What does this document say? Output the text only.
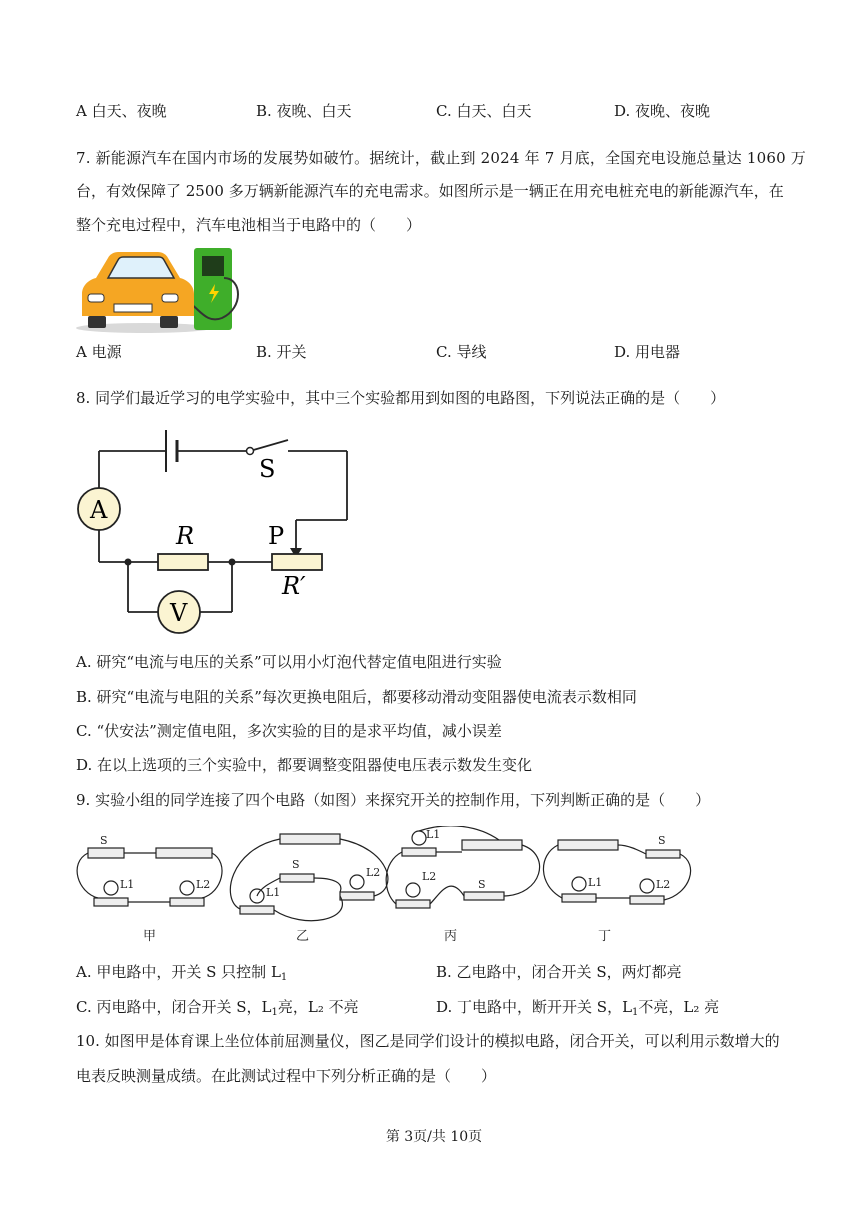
A 白天、夜晚	B. 夜晚、白天	C. 白天、白天	D. 夜晚、夜晚
7. 新能源汽车在国内市场的发展势如破竹。据统计，截止到 2024 年 7 月底，全国充电设施总量达 1060 万
台，有效保障了 2500 多万辆新能源汽车的充电需求。如图所示是一辆正在用充电桩充电的新能源汽车，在
整个充电过程中，汽车电池相当于电路中的（　　）
A 电源	B. 开关	C. 导线	D. 用电器
8. 同学们最近学习的电学实验中，其中三个实验都用到如图的电路图，下列说法正确的是（　　）
S
A
R	P
R′
V
A. 研究“电流与电压的关系”可以用小灯泡代替定值电阻进行实验
B. 研究“电流与电阻的关系”每次更换电阻后，都要移动滑动变阻器使电流表示数相同
C. “伏安法”测定值电阻，多次实验的目的是求平均值，减小误差
D. 在以上选项的三个实验中，都要调整变阻器使电压表示数发生变化
9. 实验小组的同学连接了四个电路（如图）来探究开关的控制作用，下列判断正确的是（　　）
S
L1	L2
S
L1
L2
L1
L2
S
S
L1	L2
甲	乙	丙	丁
A. 甲电路中，开关 S 只控制 $L_1$	B. 乙电路中，闭合开关 S，两灯都亮
C. 丙电路中，闭合开关 S，$L_1$亮，L₂ 不亮	D. 丁电路中，断开开关 S，$L_1$不亮，L₂ 亮
10. 如图甲是体育课上坐位体前屈测量仪，图乙是同学们设计的模拟电路，闭合开关，可以利用示数增大的
电表反映测量成绩。在此测试过程中下列分析正确的是（　　）
第 3页/共 10页
